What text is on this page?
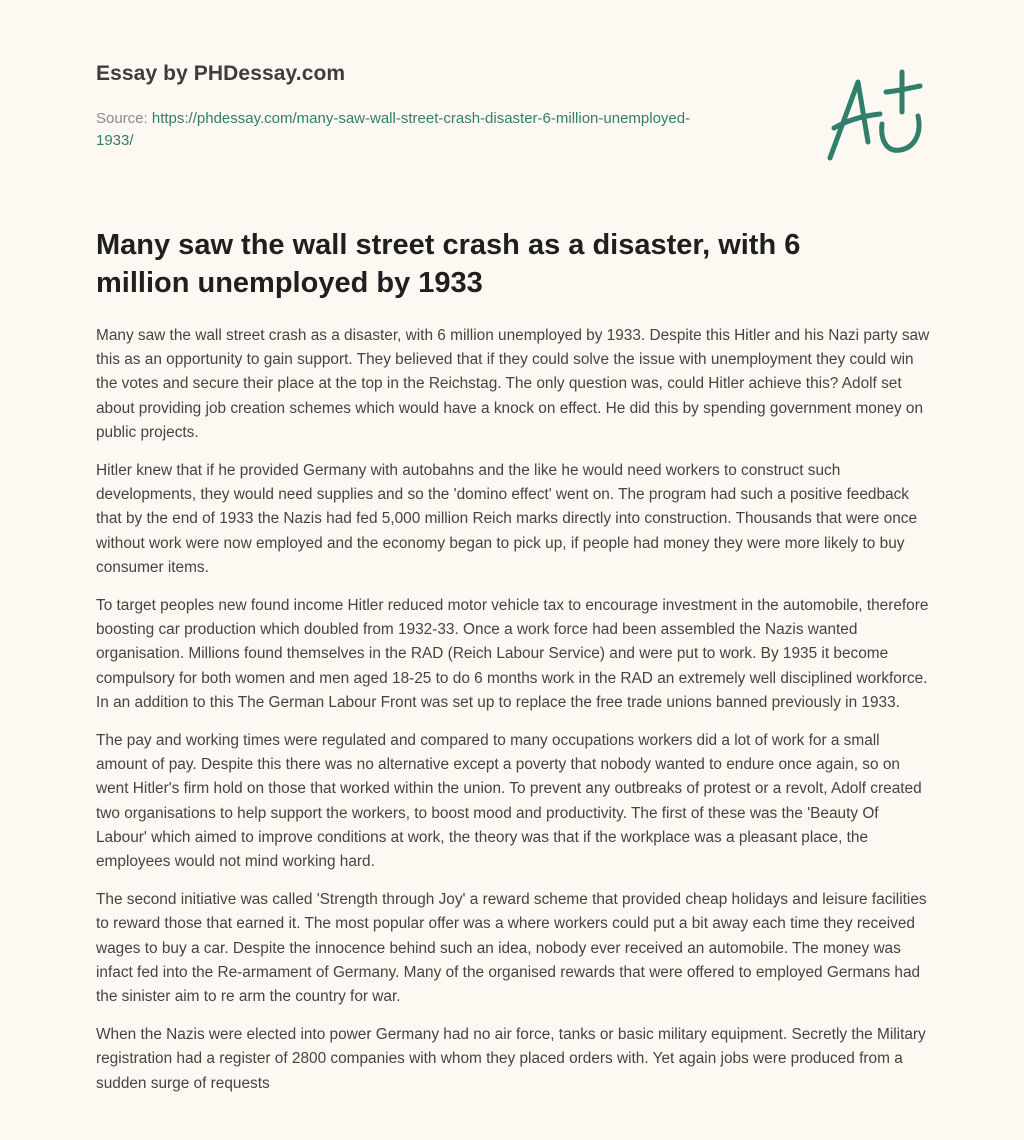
Essay by PHDessay.com
Source: https://phdessay.com/many-saw-wall-street-crash-disaster-6-million-unemployed-1933/
Many saw the wall street crash as a disaster, with 6 million unemployed by 1933

Many saw the wall street crash as a disaster, with 6 million unemployed by 1933. Despite this Hitler and his Nazi party saw this as an opportunity to gain support. They believed that if they could solve the issue with unemployment they could win the votes and secure their place at the top in the Reichstag. The only question was, could Hitler achieve this? Adolf set about providing job creation schemes which would have a knock on effect. He did this by spending government money on public projects.

Hitler knew that if he provided Germany with autobahns and the like he would need workers to construct such developments, they would need supplies and so the 'domino effect' went on. The program had such a positive feedback that by the end of 1933 the Nazis had fed 5,000 million Reich marks directly into construction. Thousands that were once without work were now employed and the economy began to pick up, if people had money they were more likely to buy consumer items.

To target peoples new found income Hitler reduced motor vehicle tax to encourage investment in the automobile, therefore boosting car production which doubled from 1932-33. Once a work force had been assembled the Nazis wanted organisation. Millions found themselves in the RAD (Reich Labour Service) and were put to work. By 1935 it become compulsory for both women and men aged 18-25 to do 6 months work in the RAD an extremely well disciplined workforce. In an addition to this The German Labour Front was set up to replace the free trade unions banned previously in 1933.

The pay and working times were regulated and compared to many occupations workers did a lot of work for a small amount of pay. Despite this there was no alternative except a poverty that nobody wanted to endure once again, so on went Hitler's firm hold on those that worked within the union. To prevent any outbreaks of protest or a revolt, Adolf created two organisations to help support the workers, to boost mood and productivity. The first of these was the 'Beauty Of Labour' which aimed to improve conditions at work, the theory was that if the workplace was a pleasant place, the employees would not mind working hard.

The second initiative was called 'Strength through Joy' a reward scheme that provided cheap holidays and leisure facilities to reward those that earned it. The most popular offer was a where workers could put a bit away each time they received wages to buy a car. Despite the innocence behind such an idea, nobody ever received an automobile. The money was infact fed into the Re-armament of Germany. Many of the organised rewards that were offered to employed Germans had the sinister aim to re arm the country for war.

When the Nazis were elected into power Germany had no air force, tanks or basic military equipment. Secretly the Military registration had a register of 2800 companies with whom they placed orders with. Yet again jobs were produced from a sudden surge of requests
